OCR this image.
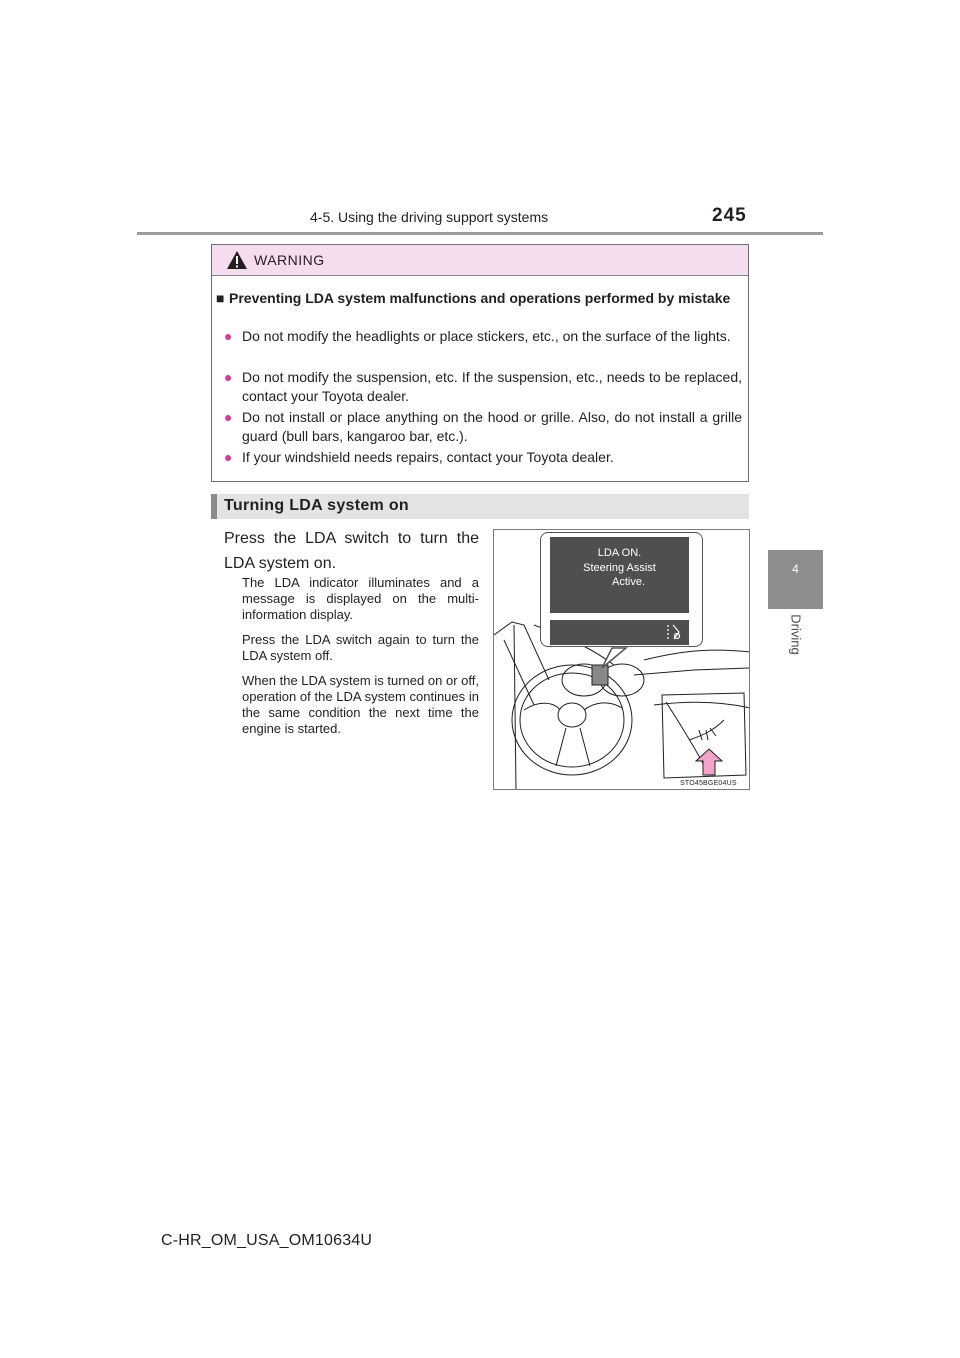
4-5. Using the driving support systems	245
4
Driving
WARNING
■ Preventing LDA system malfunctions and operations performed by mistake
● Do not modify the headlights or place stickers, etc., on the surface of the lights.
● Do not modify the suspension, etc. If the suspension, etc., needs to be replaced, contact your Toyota dealer.
● Do not install or place anything on the hood or grille. Also, do not install a grille guard (bull bars, kangaroo bar, etc.).
● If your windshield needs repairs, contact your Toyota dealer.
Turning LDA system on
Press the LDA switch to turn the LDA system on.
The LDA indicator illuminates and a message is displayed on the multi-information display.
Press the LDA switch again to turn the LDA system off.
When the LDA system is turned on or off, operation of the LDA system continues in the same condition the next time the engine is started.
LDA ON.
Steering Assist
Active.
STO45BGE04US
C-HR_OM_USA_OM10634U
